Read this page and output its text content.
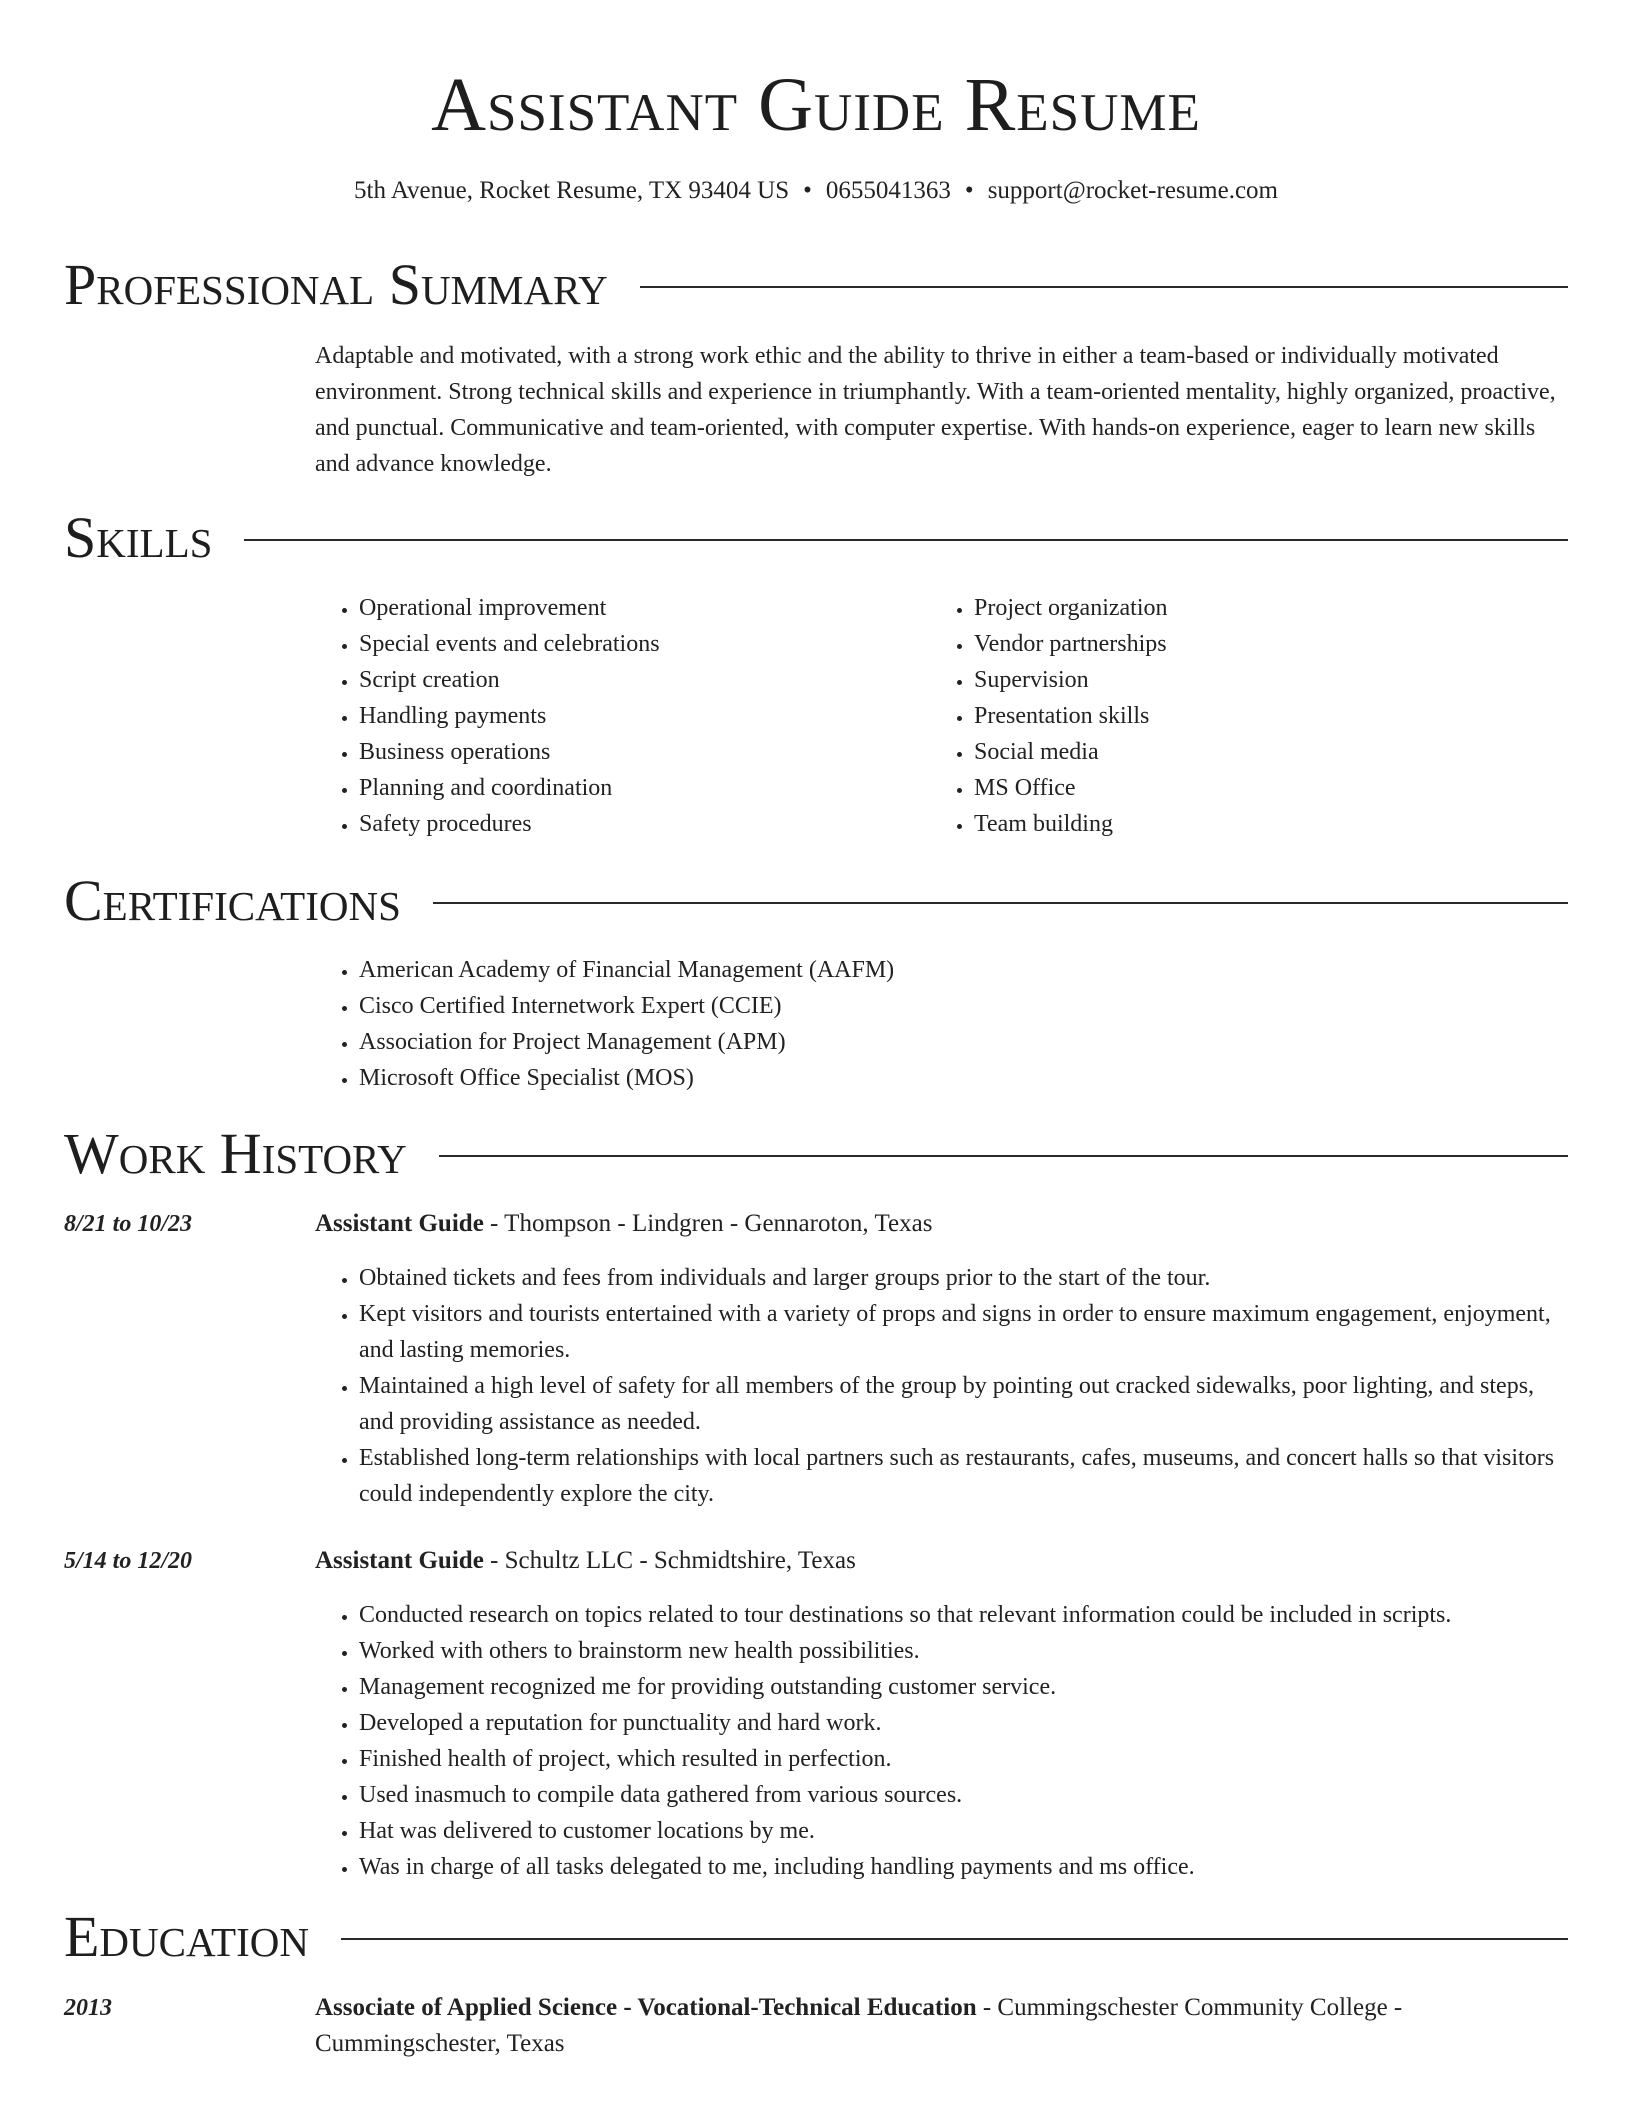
Assistant Guide Resume
5th Avenue, Rocket Resume, TX 93404 US • 0655041363 • support@rocket-resume.com
Professional Summary
Adaptable and motivated, with a strong work ethic and the ability to thrive in either a team-based or individually motivated environment. Strong technical skills and experience in triumphantly. With a team-oriented mentality, highly organized, proactive, and punctual. Communicative and team-oriented, with computer expertise. With hands-on experience, eager to learn new skills and advance knowledge.
Skills
• Operational improvement
• Special events and celebrations
• Script creation
• Handling payments
• Business operations
• Planning and coordination
• Safety procedures
• Project organization
• Vendor partnerships
• Supervision
• Presentation skills
• Social media
• MS Office
• Team building
Certifications
• American Academy of Financial Management (AAFM)
• Cisco Certified Internetwork Expert (CCIE)
• Association for Project Management (APM)
• Microsoft Office Specialist (MOS)
Work History
8/21 to 10/23	Assistant Guide - Thompson - Lindgren - Gennaroton, Texas
• Obtained tickets and fees from individuals and larger groups prior to the start of the tour.
• Kept visitors and tourists entertained with a variety of props and signs in order to ensure maximum engagement, enjoyment, and lasting memories.
• Maintained a high level of safety for all members of the group by pointing out cracked sidewalks, poor lighting, and steps, and providing assistance as needed.
• Established long-term relationships with local partners such as restaurants, cafes, museums, and concert halls so that visitors could independently explore the city.
5/14 to 12/20	Assistant Guide - Schultz LLC - Schmidtshire, Texas
• Conducted research on topics related to tour destinations so that relevant information could be included in scripts.
• Worked with others to brainstorm new health possibilities.
• Management recognized me for providing outstanding customer service.
• Developed a reputation for punctuality and hard work.
• Finished health of project, which resulted in perfection.
• Used inasmuch to compile data gathered from various sources.
• Hat was delivered to customer locations by me.
• Was in charge of all tasks delegated to me, including handling payments and ms office.
Education
2013	Associate of Applied Science - Vocational-Technical Education - Cummingschester Community College - Cummingschester, Texas
